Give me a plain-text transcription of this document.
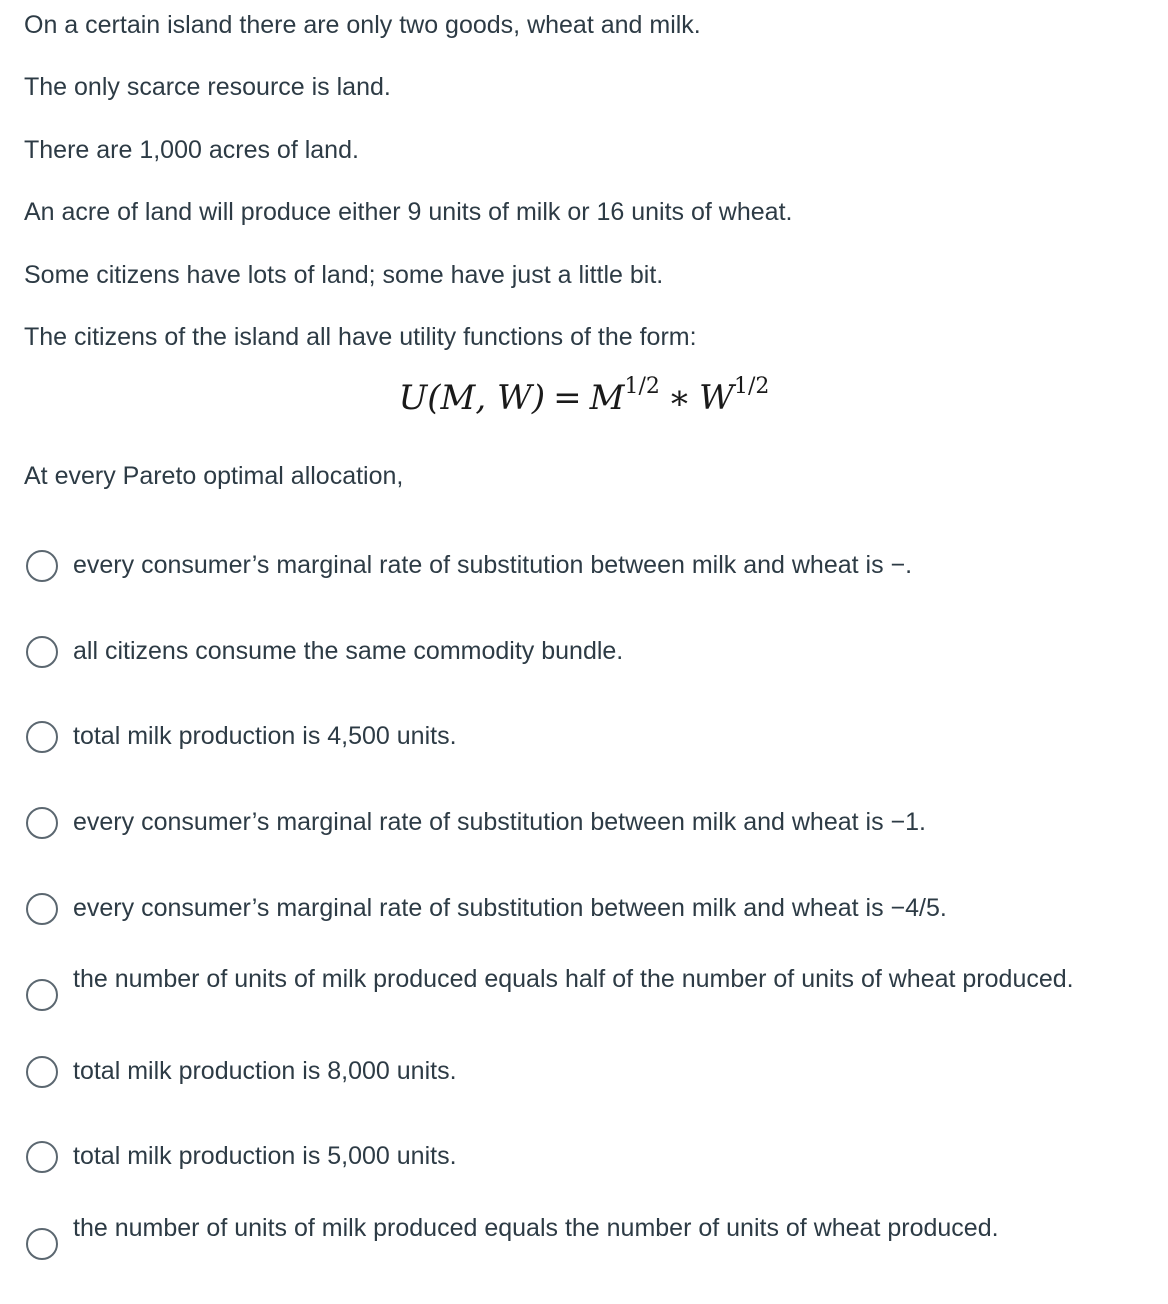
On a certain island there are only two goods, wheat and milk.
The only scarce resource is land.
There are 1,000 acres of land.
An acre of land will produce either 9 units of milk or 16 units of wheat.
Some citizens have lots of land; some have just a little bit.
The citizens of the island all have utility functions of the form:
U(M, $W) = M^{1/2}$ ∗ $W^{1/2}$
At every Pareto optimal allocation,
every consumer’s marginal rate of substitution between milk and wheat is −.
all citizens consume the same commodity bundle.
total milk production is 4,500 units.
every consumer’s marginal rate of substitution between milk and wheat is −1.
every consumer’s marginal rate of substitution between milk and wheat is −4/5.
the number of units of milk produced equals half of the number of units of wheat produced.
total milk production is 8,000 units.
total milk production is 5,000 units.
the number of units of milk produced equals the number of units of wheat produced.
